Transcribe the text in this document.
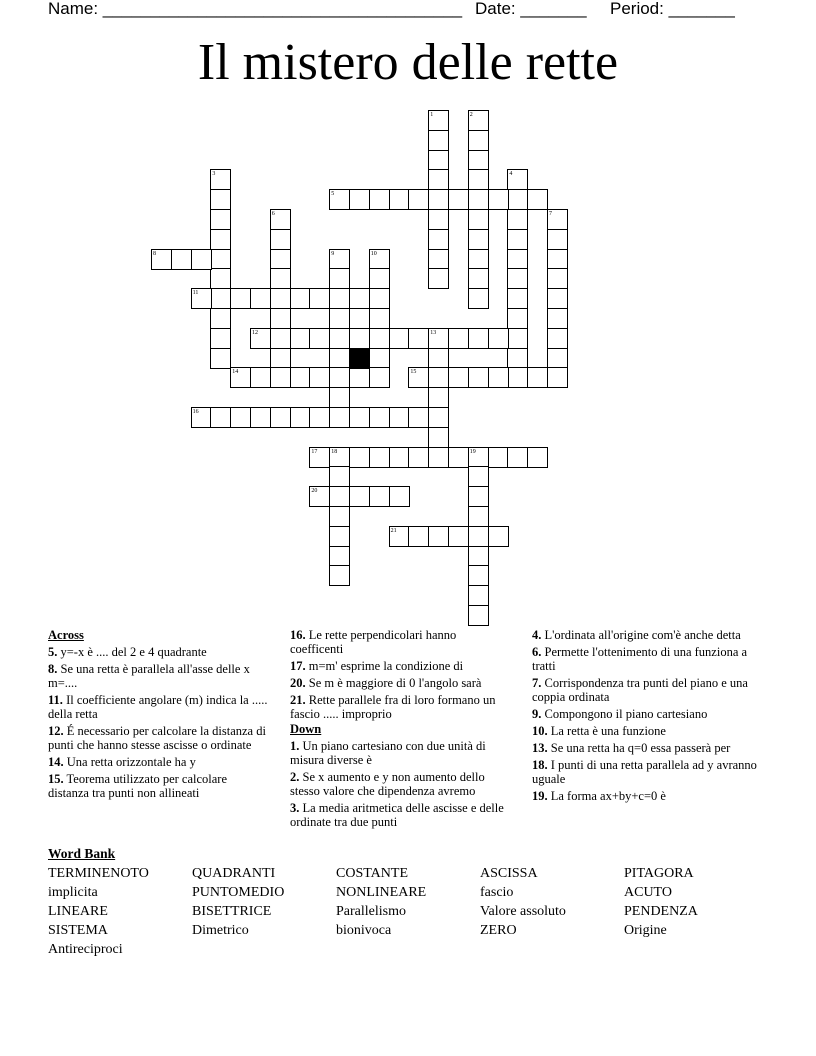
Name: ______________________________________ Date: _______ Period: _______
Il mistero delle rette
1	2
3	4
5
6	7
8	9	10
11
12	13
14	15
16
17 18	19
20
21
Across
5. y=-x è .... del 2 e 4 quadrante
8. Se una retta è parallela all'asse delle x m=....
11. Il coefficiente angolare (m) indica la ..... della retta
12. É necessario per calcolare la distanza di punti che hanno stesse ascisse o ordinate
14. Una retta orizzontale ha y
15. Teorema utilizzato per calcolare distanza tra punti non allineati
16. Le rette perpendicolari hanno coefficenti
17. m=m' esprime la condizione di
20. Se m è maggiore di 0 l'angolo sarà
21. Rette parallele fra di loro formano un fascio ..... improprio
Down
1. Un piano cartesiano con due unità di misura diverse è
2. Se x aumento e y non aumento dello stesso valore che dipendenza avremo
3. La media aritmetica delle ascisse e delle ordinate tra due punti
4. L'ordinata all'origine com'è anche detta
6. Permette l'ottenimento di una funziona a tratti
7. Corrispondenza tra punti del piano e una coppia ordinata
9. Compongono il piano cartesiano
10. La retta è una funzione
13. Se una retta ha q=0 essa passerà per
18. I punti di una retta parallela ad y avranno uguale
19. La forma ax+by+c=0 è
Word Bank
TERMINENOTO	QUADRANTI	COSTANTE	ASCISSA	PITAGORA
implicita	PUNTOMEDIO	NONLINEARE	fascio	ACUTO
LINEARE	BISETTRICE	Parallelismo	Valore assoluto	PENDENZA
SISTEMA	Dimetrico	bionivoca	ZERO	Origine
Antireciproci
